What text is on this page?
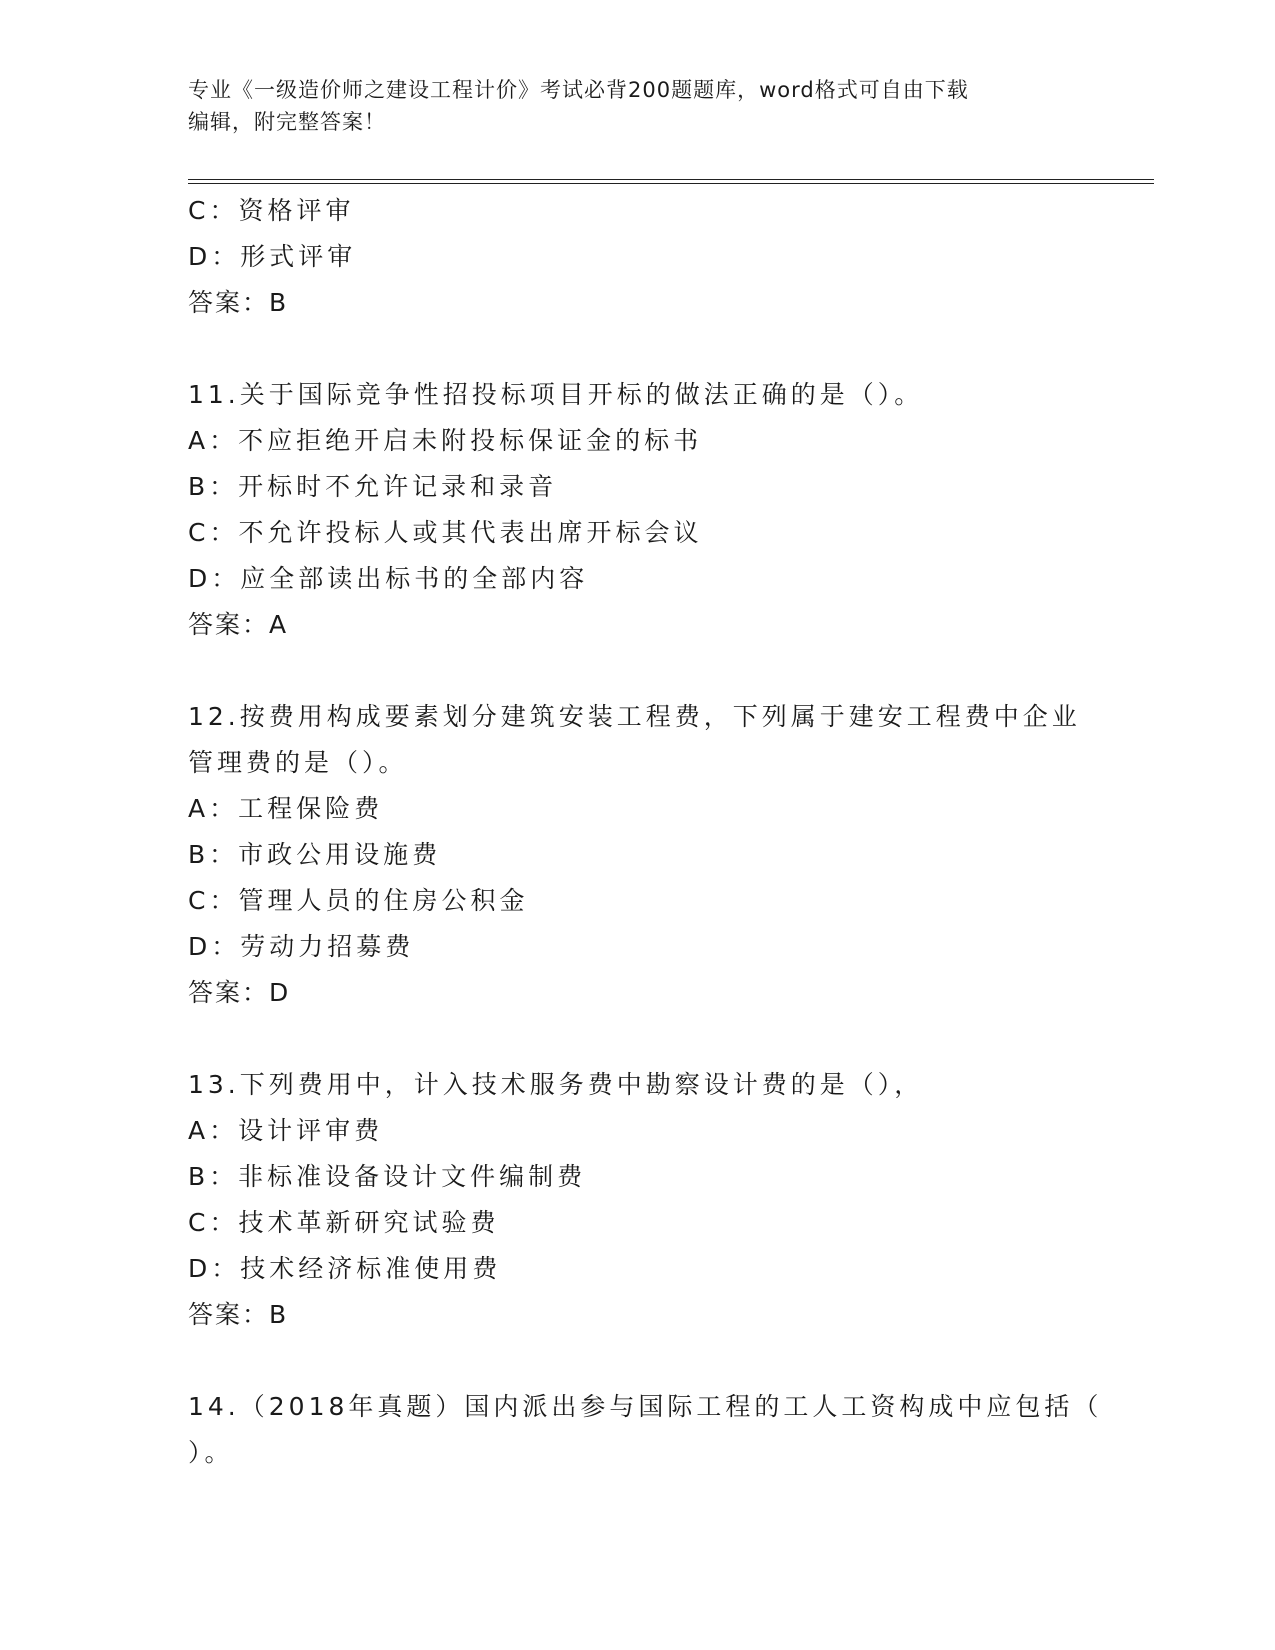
专业《一级造价师之建设工程计价》考试必背200题题库，word格式可自由下载
编辑，附完整答案！
C：资格评审
D：形式评审
答案：B
11.关于国际竞争性招投标项目开标的做法正确的是（）。
A：不应拒绝开启未附投标保证金的标书
B：开标时不允许记录和录音
C：不允许投标人或其代表出席开标会议
D：应全部读出标书的全部内容
答案：A
12.按费用构成要素划分建筑安装工程费，下列属于建安工程费中企业
管理费的是（）。
A：工程保险费
B：市政公用设施费
C：管理人员的住房公积金
D：劳动力招募费
答案：D
13.下列费用中，计入技术服务费中勘察设计费的是（），
A：设计评审费
B：非标准设备设计文件编制费
C：技术革新研究试验费
D：技术经济标准使用费
答案：B
14.（2018年真题）国内派出参与国际工程的工人工资构成中应包括（
）。
